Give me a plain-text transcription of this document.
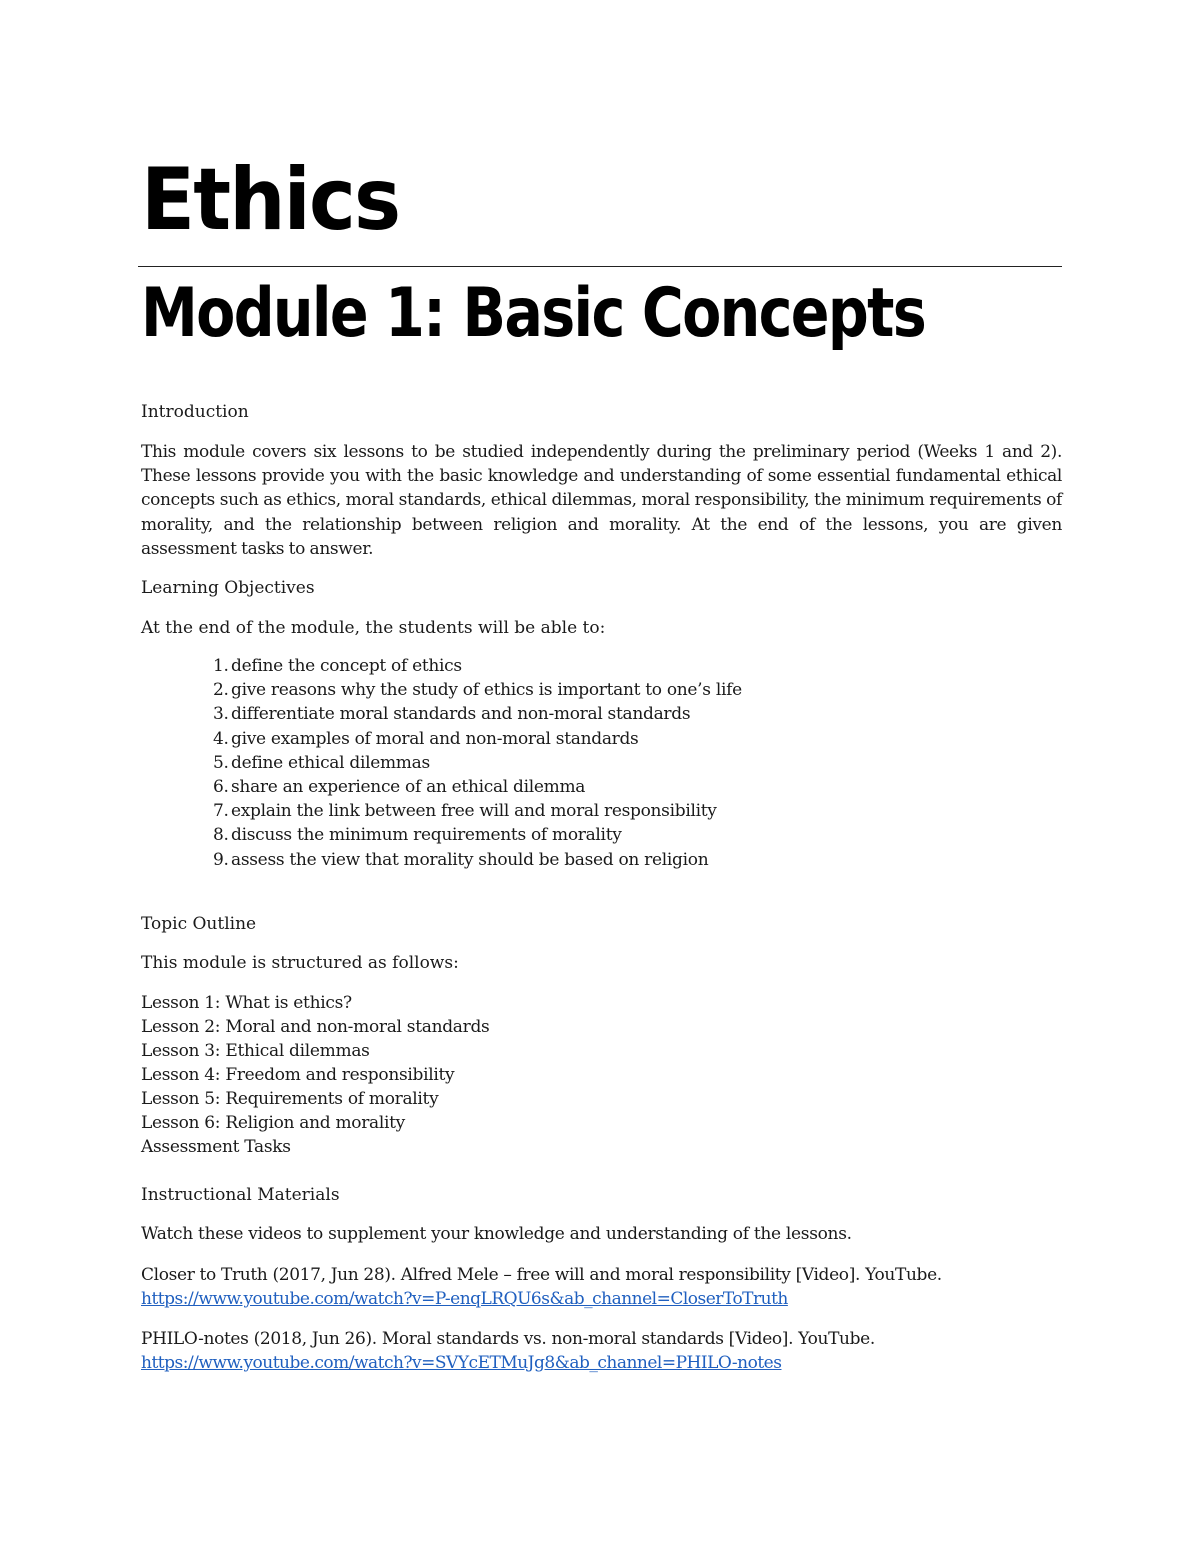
Ethics
Module 1: Basic Concepts

Introduction

This module covers six lessons to be studied independently during the preliminary period (Weeks 1 and 2). These lessons provide you with the basic knowledge and understanding of some essential fundamental ethical concepts such as ethics, moral standards, ethical dilemmas, moral responsibility, the minimum requirements of morality, and the relationship between religion and morality. At the end of the lessons, you are given assessment tasks to answer.

Learning Objectives

At the end of the module, the students will be able to:

1. define the concept of ethics
2. give reasons why the study of ethics is important to one’s life
3. differentiate moral standards and non-moral standards
4. give examples of moral and non-moral standards
5. define ethical dilemmas
6. share an experience of an ethical dilemma
7. explain the link between free will and moral responsibility
8. discuss the minimum requirements of morality
9. assess the view that morality should be based on religion

Topic Outline

This module is structured as follows:

Lesson 1: What is ethics?
Lesson 2: Moral and non-moral standards
Lesson 3: Ethical dilemmas
Lesson 4: Freedom and responsibility
Lesson 5: Requirements of morality
Lesson 6: Religion and morality
Assessment Tasks

Instructional Materials

Watch these videos to supplement your knowledge and understanding of the lessons.

Closer to Truth (2017, Jun 28). Alfred Mele – free will and moral responsibility [Video]. YouTube.
https://www.youtube.com/watch?v=P-enqLRQU6s&ab_channel=CloserToTruth
PHILO-notes (2018, Jun 26). Moral standards vs. non-moral standards [Video]. YouTube.
https://www.youtube.com/watch?v=SVYcETMuJg8&ab_channel=PHILO-notes
